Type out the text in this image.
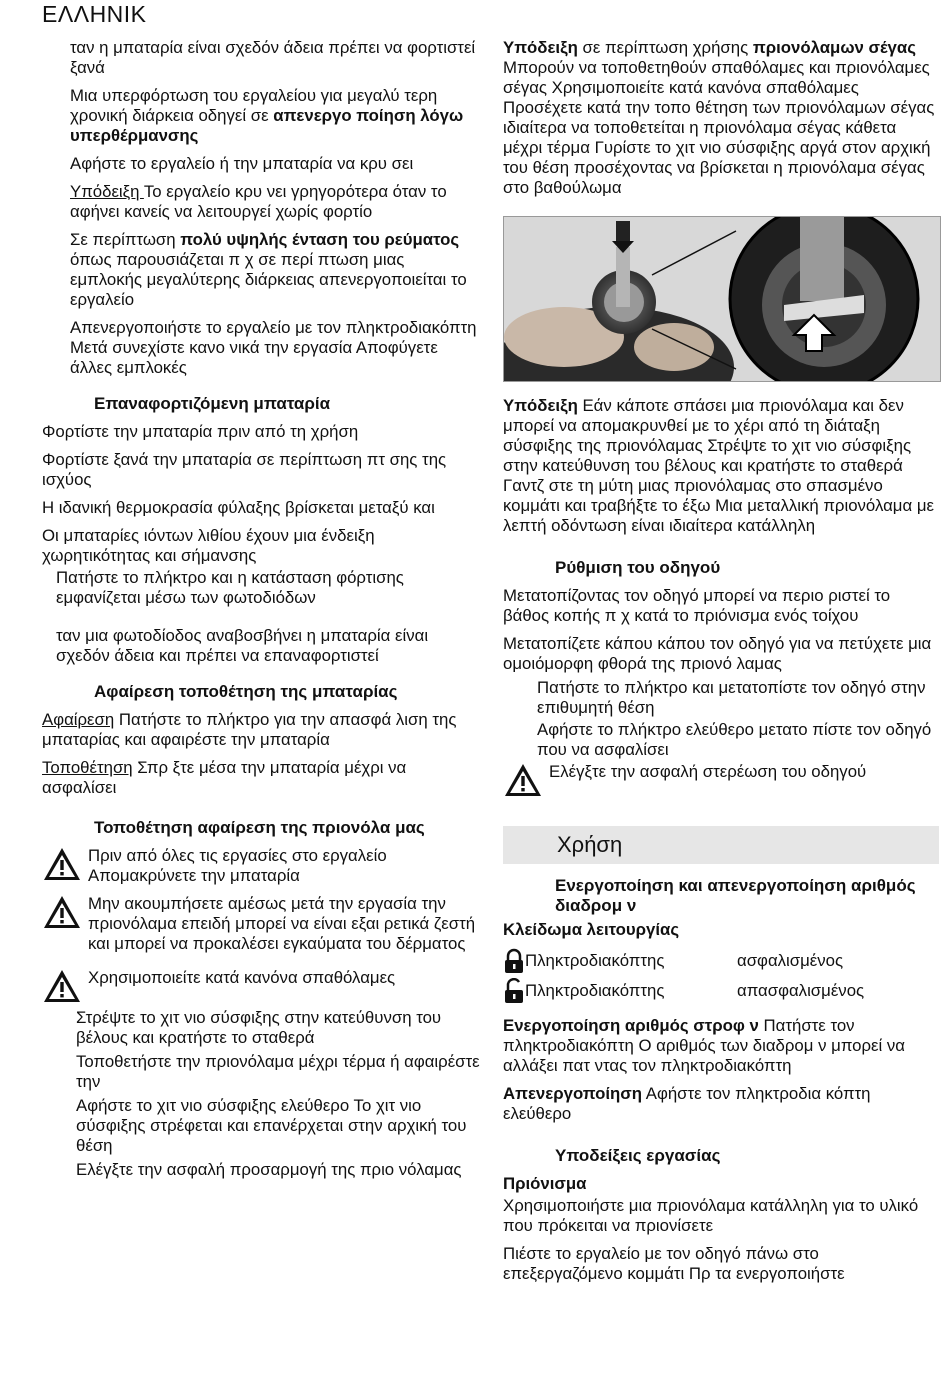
ΕΛΛΗΝΙΚ

ταν η μπαταρία είναι σχεδόν άδεια πρέπει να φορτιστεί ξανά

Μια υπερφόρτωση του εργαλείου για μεγαλύ τερη χρονική διάρκεια οδηγεί σε απενεργο ποίηση λόγω υπερθέρμανσης

Αφήστε το εργαλείο ή την μπαταρία να κρυ σει

Υπόδειξη Το εργαλείο κρυ νει γρηγορότερα όταν το αφήνει κανείς να λειτουργεί χωρίς φορτίο

Σε περίπτωση πολύ υψηλής ένταση του ρεύματος όπως παρουσιάζεται π χ σε περί πτωση μιας εμπλοκής μεγαλύτερης διάρκειας απενεργοποιείται το εργαλείο

Απενεργοποιήστε το εργαλείο με τον πληκτροδιακόπτη Μετά συνεχίστε κανο νικά την εργασία Αποφύγετε άλλες εμπλοκές

Επαναφορτιζόμενη μπαταρία

Φορτίστε την μπαταρία πριν από τη χρήση

Φορτίστε ξανά την μπαταρία σε περίπτωση πτ σης της ισχύος

Η ιδανική θερμοκρασία φύλαξης βρίσκεται μεταξύ και

Οι μπαταρίες ιόντων λιθίου έχουν μια ένδειξη χωρητικότητας και σήμανσης

Πατήστε το πλήκτρο και η κατάσταση φόρτισης εμφανίζεται μέσω των φωτοδιόδων

ταν μια φωτοδίοδος αναβοσβήνει η μπαταρία είναι σχεδόν άδεια και πρέπει να επαναφορτιστεί

Αφαίρεση τοποθέτηση της μπαταρίας

Αφαίρεση Πατήστε το πλήκτρο για την απασφά λιση της μπαταρίας και αφαιρέστε την μπαταρία

Τοποθέτηση Σπρ ξτε μέσα την μπαταρία μέχρι να ασφαλίσει

Τοποθέτηση αφαίρεση της πριονόλα μας
Πριν από όλες τις εργασίες στο εργαλείο Απομακρύνετε την μπαταρία
Μην ακουμπήσετε αμέσως μετά την εργασία την πριονόλαμα επειδή μπορεί να είναι εξαι ρετικά ζεστή και μπορεί να προκαλέσει εγκαύματα του δέρματος
Χρησιμοποιείτε κατά κανόνα σπαθόλαμες

Στρέψτε το χιτ νιο σύσφιξης στην κατεύθυνση του βέλους και κρατήστε το σταθερά

Τοποθετήστε την πριονόλαμα μέχρι τέρμα ή αφαιρέστε την

Αφήστε το χιτ νιο σύσφιξης ελεύθερο Το χιτ νιο σύσφιξης στρέφεται και επανέρχεται στην αρχική του θέση

Ελέγξτε την ασφαλή προσαρμογή της πριο νόλαμας

Υπόδειξη σε περίπτωση χρήσης πριονόλαμων σέγας Μπορούν να τοποθετηθούν σπαθόλαμες και πριονόλαμες σέγας Χρησιμοποιείτε κατά κανόνα σπαθόλαμες Προσέχετε κατά την τοπο θέτηση των πριονόλαμων σέγας ιδιαίτερα να τοποθετείται η πριονόλαμα σέγας κάθετα μέχρι τέρμα Γυρίστε το χιτ νιο σύσφιξης αργά στον αρχική του θέση προσέχοντας να βρίσκεται η πριονόλαμα σέγας στο βαθούλωμα

Υπόδειξη Εάν κάποτε σπάσει μια πριονόλαμα και δεν μπορεί να απομακρυνθεί με το χέρι από τη διάταξη σύσφιξης της πριονόλαμας Στρέψτε το χιτ νιο σύσφιξης στην κατεύθυνση του βέλους και κρατήστε το σταθερά Γαντζ στε τη μύτη μιας πριονόλαμας στο σπασμένο κομμάτι και τραβήξτε το έξω Μια μεταλλική πριονόλαμα με λεπτή οδόντωση είναι ιδιαίτερα κατάλληλη

Ρύθμιση του οδηγού

Μετατοπίζοντας τον οδηγό μπορεί να περιο ριστεί το βάθος κοπής π χ κατά το πριόνισμα ενός τοίχου

Μετατοπίζετε κάπου κάπου τον οδηγό για να πετύχετε μια ομοιόμορφη φθορά της πριονό λαμας

Πατήστε το πλήκτρο και μετατοπίστε τον οδηγό στην επιθυμητή θέση

Αφήστε το πλήκτρο ελεύθερο μετατο πίστε τον οδηγό που να ασφαλίσει

Ελέγξτε την ασφαλή στερέωση του οδηγού
Χρήση
Ενεργοποίηση και απενεργοποίηση αριθμός διαδρομ ν

Κλείδωμα λειτουργίας

Πληκτροδιακόπτης	ασφαλισμένος
Πληκτροδιακόπτης	απασφαλισμένος

Ενεργοποίηση αριθμός στροφ ν Πατήστε τον πληκτροδιακόπτη Ο αριθμός των διαδρομ ν μπορεί να αλλάξει πατ ντας τον πληκτροδιακόπτη

Απενεργοποίηση Αφήστε τον πληκτροδια κόπτη ελεύθερο

Υποδείξεις εργασίας

Πριόνισμα

Χρησιμοποιήστε μια πριονόλαμα κατάλληλη για το υλικό που πρόκειται να πριονίσετε

Πιέστε το εργαλείο με τον οδηγό πάνω στο επεξεργαζόμενο κομμάτι Πρ τα ενεργοποιήστε
